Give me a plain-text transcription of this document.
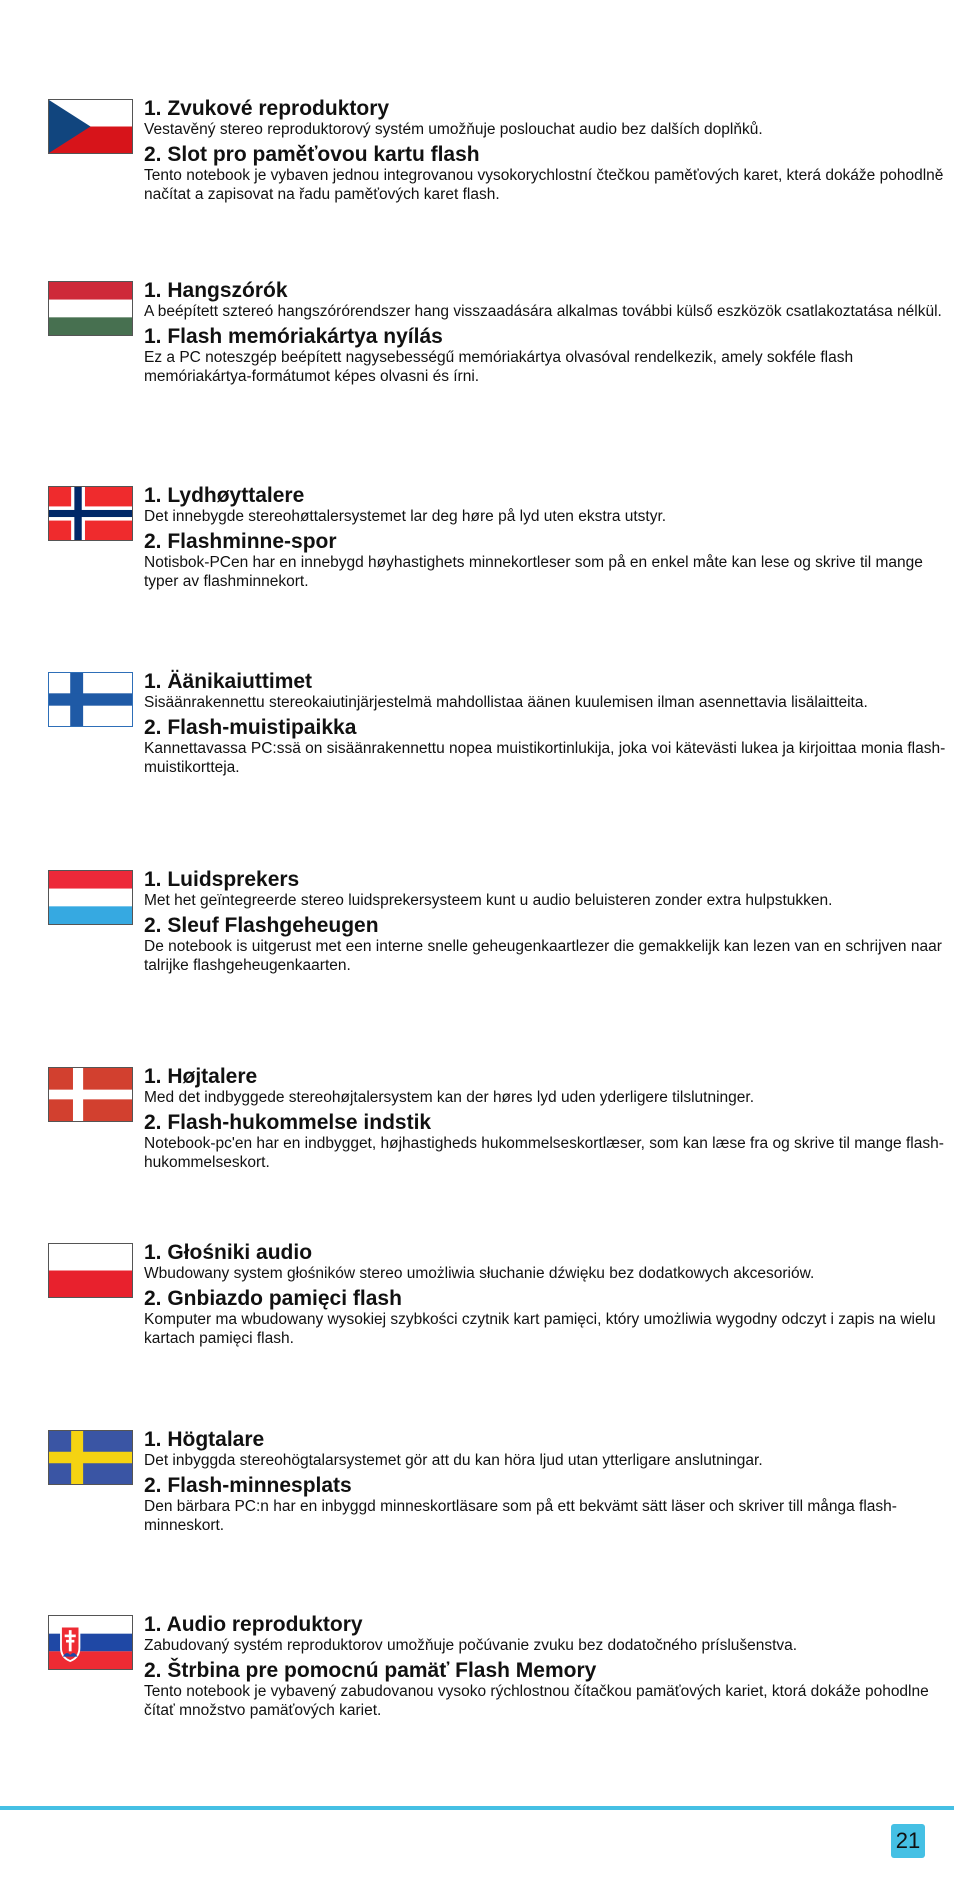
1. Zvukové reproduktory

Vestavěný stereo reproduktorový systém umožňuje poslouchat audio bez dalších doplňků.

2. Slot pro paměťovou kartu flash

Tento notebook je vybaven jednou integrovanou vysokorychlostní čtečkou paměťových karet, která dokáže pohodlně načítat a zapisovat na řadu paměťových karet flash.

1. Hangszórók

A beépített sztereó hangszórórendszer hang visszaadására alkalmas további külső eszközök csatlakoztatása nélkül.

1. Flash memóriakártya nyílás

Ez a PC noteszgép beépített nagysebességű memóriakártya olvasóval rendelkezik, amely sokféle flash memóriakártya-formátumot képes olvasni és írni.

1. Lydhøyttalere

Det innebygde stereohøttalersystemet lar deg høre på lyd uten ekstra utstyr.

2. Flashminne-spor

Notisbok-PCen har en innebygd høyhastighets minnekortleser som på en enkel måte kan lese og skrive til mange typer av flashminnekort.

1. Äänikaiuttimet

Sisäänrakennettu stereokaiutinjärjestelmä mahdollistaa äänen kuulemisen ilman asennettavia lisälaitteita.

2. Flash-muistipaikka

Kannettavassa PC:ssä on sisäänrakennettu nopea muistikortinlukija, joka voi kätevästi lukea ja kirjoittaa monia flash-muistikortteja.

1. Luidsprekers

Met het geïntegreerde stereo luidsprekersysteem kunt u audio beluisteren zonder extra hulpstukken.

2. Sleuf Flashgeheugen

De notebook is uitgerust met een interne snelle geheugenkaartlezer die gemakkelijk kan lezen van en schrijven naar talrijke flashgeheugenkaarten.

1. Højtalere

Med det indbyggede stereohøjtalersystem kan der høres lyd uden yderligere tilslutninger.

2. Flash-hukommelse indstik

Notebook-pc'en har en indbygget, højhastigheds hukommelseskortlæser, som kan læse fra og skrive til mange flash-hukommelseskort.

1. Głośniki audio

Wbudowany system głośników stereo umożliwia słuchanie dźwięku bez dodatkowych akcesoriów.

2. Gnbiazdo pamięci flash

Komputer ma wbudowany wysokiej szybkości czytnik kart pamięci, który umożliwia wygodny odczyt i zapis na wielu kartach pamięci flash.

1. Högtalare

Det inbyggda stereohögtalarsystemet gör att du kan höra ljud utan ytterligare anslutningar.

2. Flash-minnesplats

Den bärbara PC:n har en inbyggd minneskortläsare som på ett bekvämt sätt läser och skriver till många flash-minneskort.

1. Audio reproduktory

Zabudovaný systém reproduktorov umožňuje počúvanie zvuku bez dodatočného príslušenstva.

2. Štrbina pre pomocnú pamäť Flash Memory

Tento notebook je vybavený zabudovanou vysoko rýchlostnou čítačkou pamäťových kariet, ktorá dokáže pohodlne čítať množstvo pamäťových kariet.

21
